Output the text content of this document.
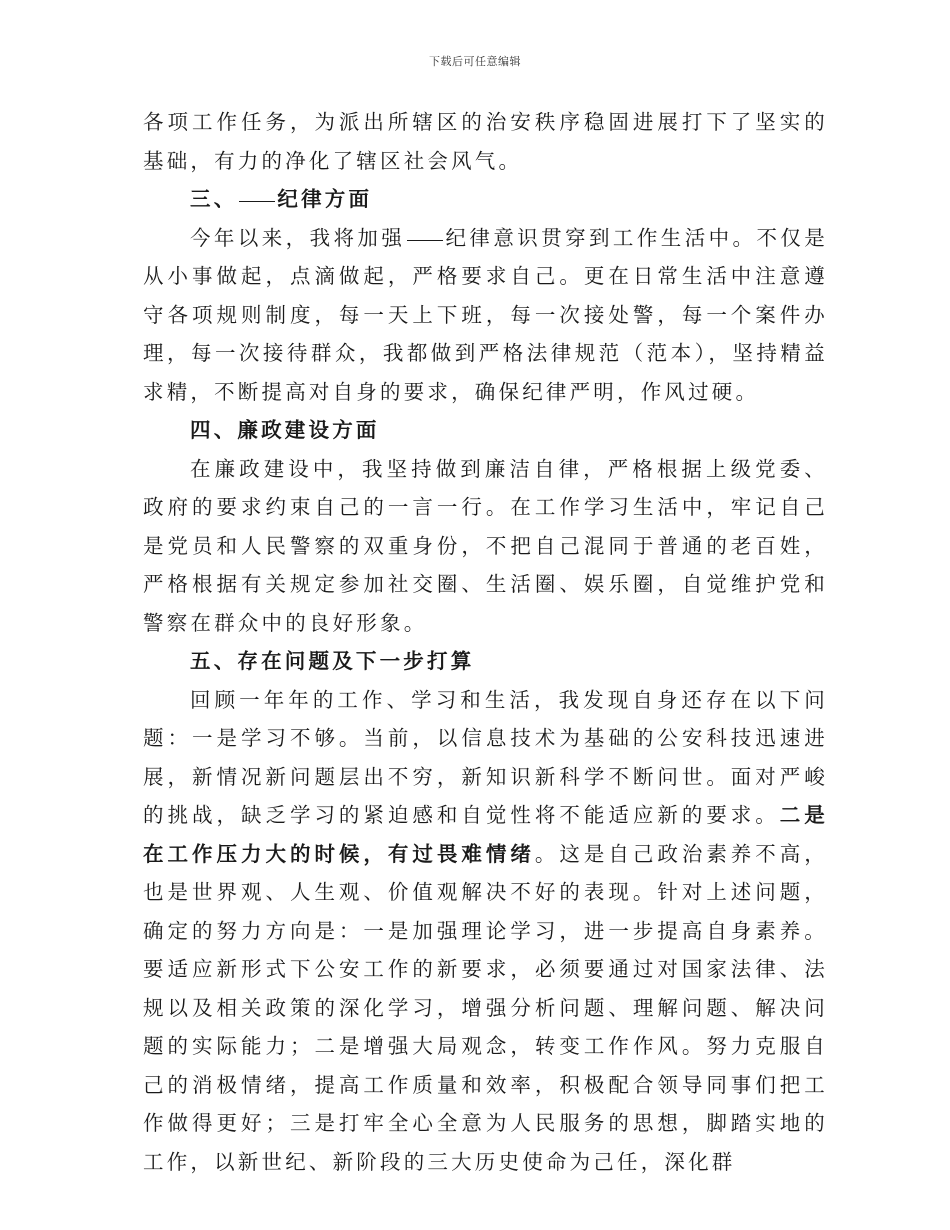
下载后可任意编辑

各项工作任务，为派出所辖区的治安秩序稳固进展打下了坚实的基础，有力的净化了辖区社会风气。

三、 纪律方面

今年以来，我将加强 纪律意识贯穿到工作生活中。不仅是从小事做起，点滴做起，严格要求自己。更在日常生活中注意遵守各项规则制度，每一天上下班，每一次接处警，每一个案件办理，每一次接待群众，我都做到严格法律规范（范本），坚持精益求精，不断提高对自身的要求，确保纪律严明，作风过硬。

四、廉政建设方面

在廉政建设中，我坚持做到廉洁自律，严格根据上级党委、政府的要求约束自己的一言一行。在工作学习生活中，牢记自己是党员和人民警察的双重身份，不把自己混同于普通的老百姓，严格根据有关规定参加社交圈、生活圈、娱乐圈，自觉维护党和警察在群众中的良好形象。

五、存在问题及下一步打算

回顾一年年的工作、学习和生活，我发现自身还存在以下问题：一是学习不够。当前，以信息技术为基础的公安科技迅速进展，新情况新问题层出不穷，新知识新科学不断问世。面对严峻的挑战，缺乏学习的紧迫感和自觉性将不能适应新的要求。二是在工作压力大的时候，有过畏难情绪。这是自己政治素养不高，也是世界观、人生观、价值观解决不好的表现。针对上述问题，确定的努力方向是：一是加强理论学习，进一步提高自身素养。要适应新形式下公安工作的新要求，必须要通过对国家法律、法规以及相关政策的深化学习，增强分析问题、理解问题、解决问题的实际能力；二是增强大局观念，转变工作作风。努力克服自己的消极情绪，提高工作质量和效率，积极配合领导同事们把工作做得更好；三是打牢全心全意为人民服务的思想，脚踏实地的工作，以新世纪、新阶段的三大历史使命为己任，深化群
